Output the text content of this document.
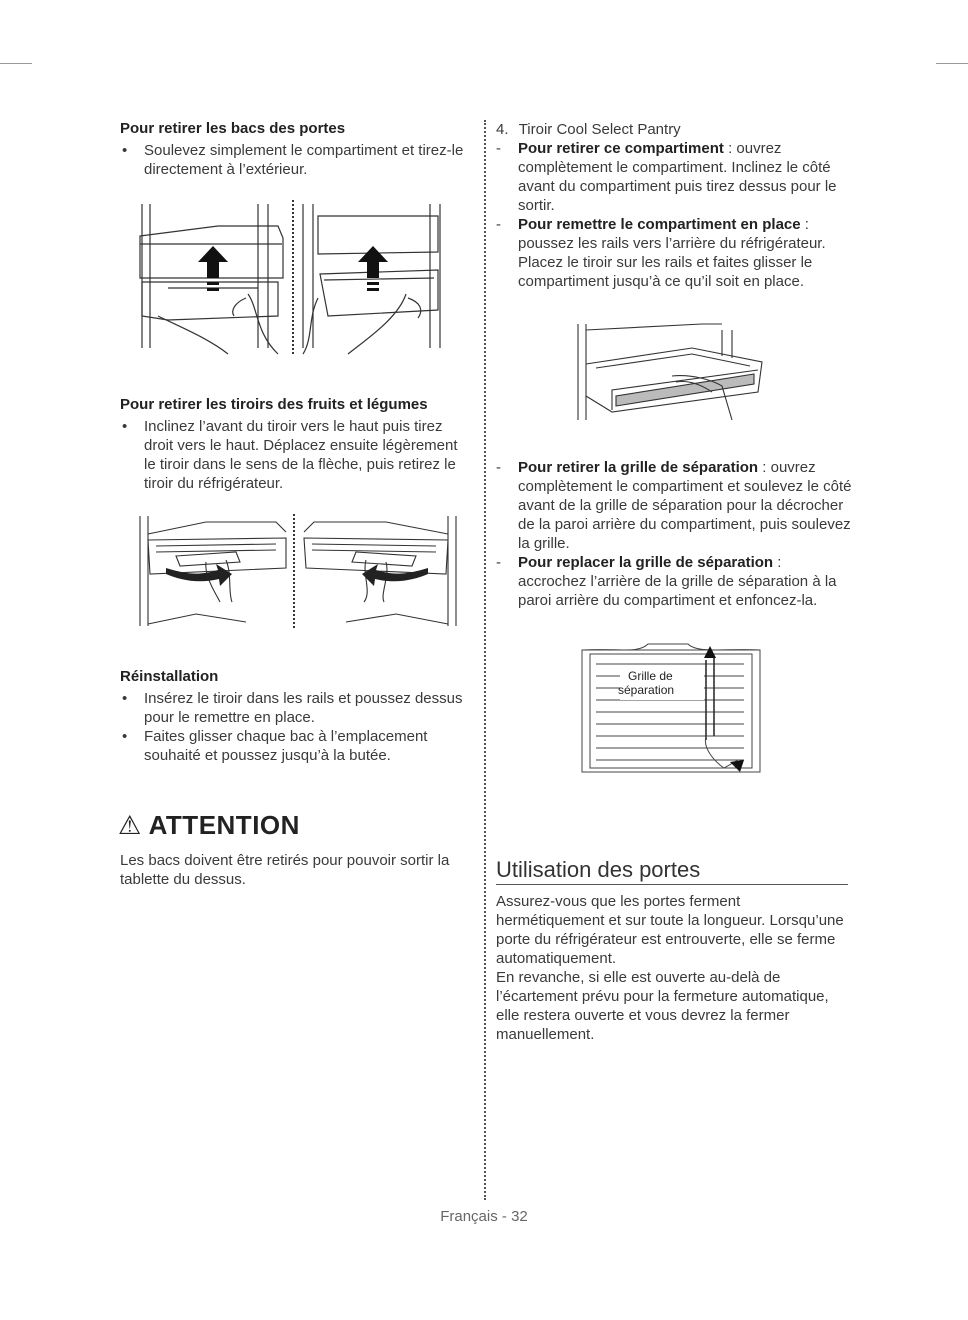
Pour retirer les bacs des portes
• Soulevez simplement le compartiment et tirez-le directement à l’extérieur.
Pour retirer les tiroirs des fruits et légumes
• Inclinez l’avant du tiroir vers le haut puis tirez droit vers le haut. Déplacez ensuite légèrement le tiroir dans le sens de la flèche, puis retirez le tiroir du réfrigérateur.
Réinstallation
• Insérez le tiroir dans les rails et poussez dessus pour le remettre en place.
• Faites glisser chaque bac à l’emplacement souhaité et poussez jusqu’à la butée.
⚠ ATTENTION

Les bacs doivent être retirés pour pouvoir sortir la tablette du dessus.

4. Tiroir Cool Select Pantry
- Pour retirer ce compartiment : ouvrez complètement le compartiment. Inclinez le côté avant du compartiment puis tirez dessus pour le sortir.
- Pour remettre le compartiment en place : poussez les rails vers l’arrière du réfrigérateur. Placez le tiroir sur les rails et faites glisser le compartiment jusqu’à ce qu’il soit en place.
- Pour retirer la grille de séparation : ouvrez complètement le compartiment et soulevez le côté avant de la grille de séparation pour la décrocher de la paroi arrière du compartiment, puis soulevez la grille.
- Pour replacer la grille de séparation : accrochez l’arrière de la grille de séparation à la paroi arrière du compartiment et enfoncez-la.
Grille de
séparation
Utilisation des portes

Assurez-vous que les portes ferment hermétiquement et sur toute la longueur. Lorsqu’une porte du réfrigérateur est entrouverte, elle se ferme automatiquement.

En revanche, si elle est ouverte au-delà de l’écartement prévu pour la fermeture automatique, elle restera ouverte et vous devrez la fermer manuellement.

Français - 32
